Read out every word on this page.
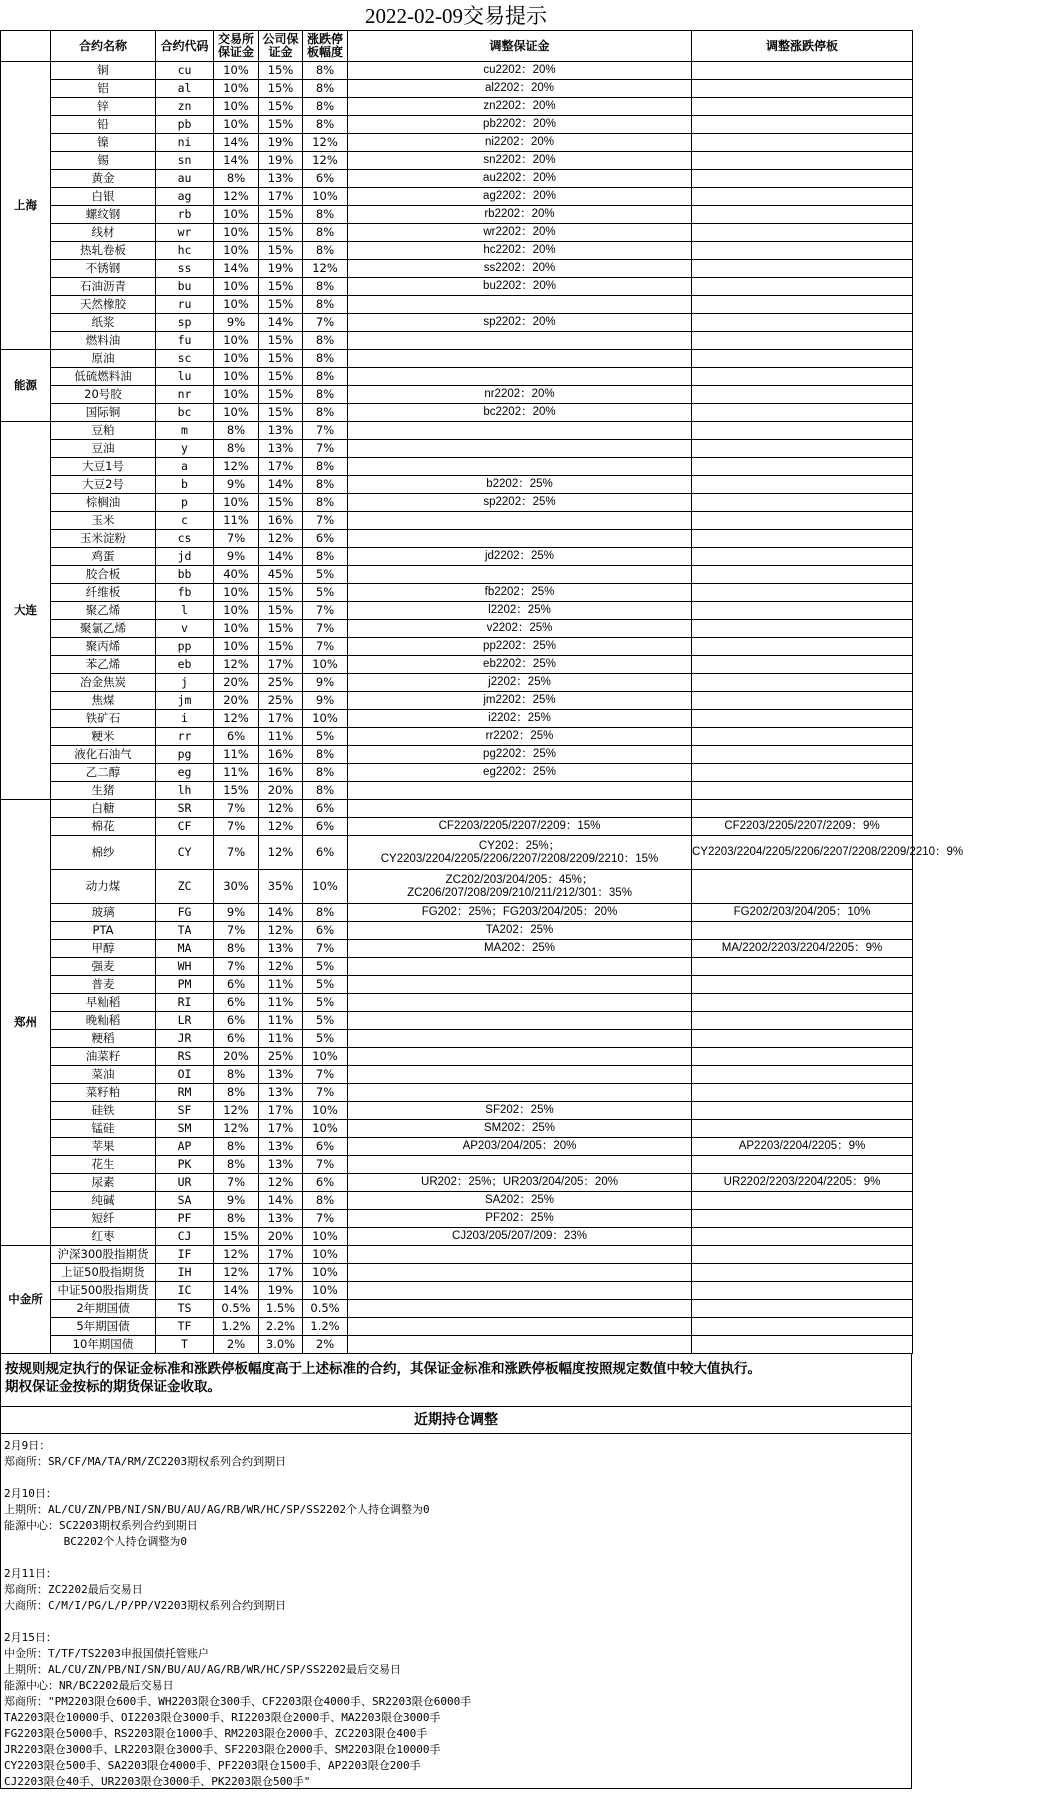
2022-02-09交易提示
	合约名称	合约代码	交易所保证金	公司保证金	涨跌停板幅度	调整保证金	调整涨跌停板
上海	铜	cu	10%	15%	8%	cu2202：20%	
	铝	al	10%	15%	8%	al2202：20%	
	锌	zn	10%	15%	8%	zn2202：20%	
	铅	pb	10%	15%	8%	pb2202：20%	
	镍	ni	14%	19%	12%	ni2202：20%	
	锡	sn	14%	19%	12%	sn2202：20%	
	黄金	au	8%	13%	6%	au2202：20%	
	白银	ag	12%	17%	10%	ag2202：20%	
	螺纹钢	rb	10%	15%	8%	rb2202：20%	
	线材	wr	10%	15%	8%	wr2202：20%	
	热轧卷板	hc	10%	15%	8%	hc2202：20%	
	不锈钢	ss	14%	19%	12%	ss2202：20%	
	石油沥青	bu	10%	15%	8%	bu2202：20%	
	天然橡胶	ru	10%	15%	8%		
	纸浆	sp	9%	14%	7%	sp2202：20%	
	燃料油	fu	10%	15%	8%		
能源	原油	sc	10%	15%	8%		
	低硫燃料油	lu	10%	15%	8%		
	20号胶	nr	10%	15%	8%	nr2202：20%	
	国际铜	bc	10%	15%	8%	bc2202：20%	
大连	豆粕	m	8%	13%	7%		
	豆油	y	8%	13%	7%		
	大豆1号	a	12%	17%	8%		
	大豆2号	b	9%	14%	8%	b2202：25%	
	棕榈油	p	10%	15%	8%	sp2202：25%	
	玉米	c	11%	16%	7%		
	玉米淀粉	cs	7%	12%	6%		
	鸡蛋	jd	9%	14%	8%	jd2202：25%	
	胶合板	bb	40%	45%	5%		
	纤维板	fb	10%	15%	5%	fb2202：25%	
	聚乙烯	l	10%	15%	7%	l2202：25%	
	聚氯乙烯	v	10%	15%	7%	v2202：25%	
	聚丙烯	pp	10%	15%	7%	pp2202：25%	
	苯乙烯	eb	12%	17%	10%	eb2202：25%	
	冶金焦炭	j	20%	25%	9%	j2202：25%	
	焦煤	jm	20%	25%	9%	jm2202：25%	
	铁矿石	i	12%	17%	10%	i2202：25%	
	粳米	rr	6%	11%	5%	rr2202：25%	
	液化石油气	pg	11%	16%	8%	pg2202：25%	
	乙二醇	eg	11%	16%	8%	eg2202：25%	
	生猪	lh	15%	20%	8%		
郑州	白糖	SR	7%	12%	6%		
	棉花	CF	7%	12%	6%	CF2203/2205/2207/2209：15%	CF2203/2205/2207/2209：9%
	棉纱	CY	7%	12%	6%	CY202：25%；
CY2203/2204/2205/2206/2207/2208/2209/2210：15%	CY2203/2204/2205/2206/2207/2208/2209/2210：9%
	动力煤	ZC	30%	35%	10%	ZC202/203/204/205：45%；
ZC206/207/208/209/210/211/212/301：35%	
	玻璃	FG	9%	14%	8%	FG202：25%；FG203/204/205：20%	FG202/203/204/205：10%
	PTA	TA	7%	12%	6%	TA202：25%	
	甲醇	MA	8%	13%	7%	MA202：25%	MA/2202/2203/2204/2205：9%
	强麦	WH	7%	12%	5%		
	普麦	PM	6%	11%	5%		
	早籼稻	RI	6%	11%	5%		
	晚籼稻	LR	6%	11%	5%		
	粳稻	JR	6%	11%	5%		
	油菜籽	RS	20%	25%	10%		
	菜油	OI	8%	13%	7%		
	菜籽粕	RM	8%	13%	7%		
	硅铁	SF	12%	17%	10%	SF202：25%	
	锰硅	SM	12%	17%	10%	SM202：25%	
	苹果	AP	8%	13%	6%	AP203/204/205：20%	AP2203/2204/2205：9%
	花生	PK	8%	13%	7%		
	尿素	UR	7%	12%	6%	UR202：25%；UR203/204/205：20%	UR2202/2203/2204/2205：9%
	纯碱	SA	9%	14%	8%	SA202：25%	
	短纤	PF	8%	13%	7%	PF202：25%	
	红枣	CJ	15%	20%	10%	CJ203/205/207/209：23%	
中金所	沪深300股指期货	IF	12%	17%	10%		
	上证50股指期货	IH	12%	17%	10%		
	中证500股指期货	IC	14%	19%	10%		
	2年期国债	TS	0.5%	1.5%	0.5%		
	5年期国债	TF	1.2%	2.2%	1.2%		
	10年期国债	T	2%	3.0%	2%		
按规则规定执行的保证金标准和涨跌停板幅度高于上述标准的合约，其保证金标准和涨跌停板幅度按照规定数值中较大值执行。
期权保证金按标的期货保证金收取。
近期持仓调整
2月9日：
郑商所：SR/CF/MA/TA/RM/ZC2203期权系列合约到期日
2月10日：
上期所：AL/CU/ZN/PB/NI/SN/BU/AU/AG/RB/WR/HC/SP/SS2202个人持仓调整为0
能源中心：SC2203期权系列合约到期日
BC2202个人持仓调整为0
2月11日：
郑商所：ZC2202最后交易日
大商所：C/M/I/PG/L/P/PP/V2203期权系列合约到期日
2月15日：
中金所：T/TF/TS2203申报国债托管账户
上期所：AL/CU/ZN/PB/NI/SN/BU/AU/AG/RB/WR/HC/SP/SS2202最后交易日
能源中心：NR/BC2202最后交易日
郑商所："PM2203限仓600手、WH2203限仓300手、CF2203限仓4000手、SR2203限仓6000手
TA2203限仓10000手、OI2203限仓3000手、RI2203限仓2000手、MA2203限仓3000手
FG2203限仓5000手、RS2203限仓1000手、RM2203限仓2000手、ZC2203限仓400手
JR2203限仓3000手、LR2203限仓3000手、SF2203限仓2000手、SM2203限仓10000手
CY2203限仓500手、SA2203限仓4000手、PF2203限仓1500手、AP2203限仓200手
CJ2203限仓40手、UR2203限仓3000手、PK2203限仓500手"
